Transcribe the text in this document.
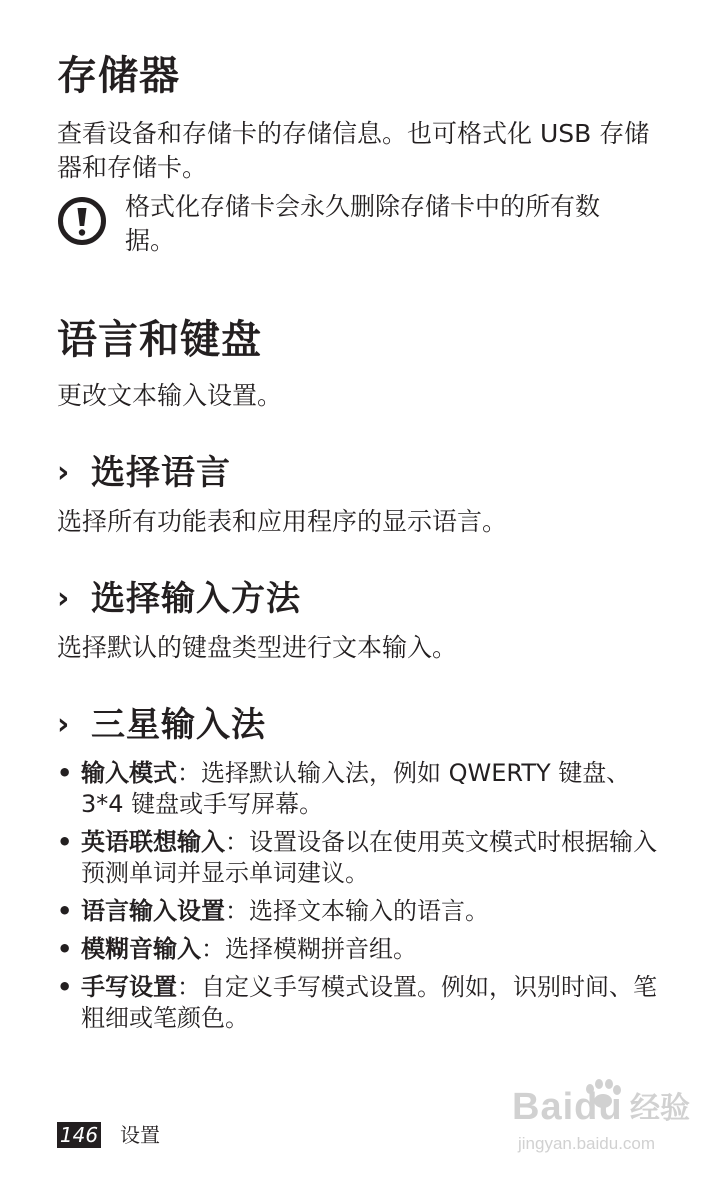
存储器

查看设备和存储卡的存储信息。也可格式化 USB 存储器和存储卡。

格式化存储卡会永久删除存储卡中的所有数据。
语言和键盘

更改文本输入设置。

› 选择语言

选择所有功能表和应用程序的显示语言。

› 选择输入方法

选择默认的键盘类型进行文本输入。

› 三星输入法
• 输入模式：选择默认输入法，例如 QWERTY 键盘、3*4 键盘或手写屏幕。
• 英语联想输入：设置设备以在使用英文模式时根据输入预测单词并显示单词建议。
• 语言输入设置：选择文本输入的语言。
• 模糊音输入：选择模糊拼音组。
• 手写设置：自定义手写模式设置。例如，识别时间、笔粗细或笔颜色。
146 设置
Baidu 经验
jingyan.baidu.com
